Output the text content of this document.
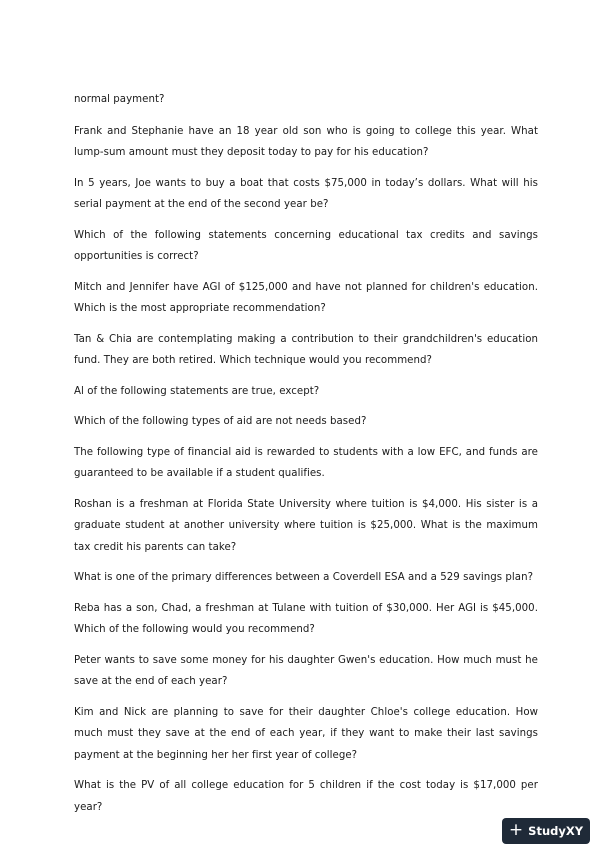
normal payment?

Frank and Stephanie have an 18 year old son who is going to college this year. What lump-sum amount must they deposit today to pay for his education?

In 5 years, Joe wants to buy a boat that costs $75,000 in today’s dollars. What will his serial payment at the end of the second year be?

Which of the following statements concerning educational tax credits and savings opportunities is correct?

Mitch and Jennifer have AGI of $125,000 and have not planned for children's education. Which is the most appropriate recommendation?

Tan & Chia are contemplating making a contribution to their grandchildren's education fund. They are both retired. Which technique would you recommend?

Al of the following statements are true, except?

Which of the following types of aid are not needs based?

The following type of financial aid is rewarded to students with a low EFC, and funds are guaranteed to be available if a student qualifies.

Roshan is a freshman at Florida State University where tuition is $4,000. His sister is a graduate student at another university where tuition is $25,000. What is the maximum tax credit his parents can take?

What is one of the primary differences between a Coverdell ESA and a 529 savings plan?

Reba has a son, Chad, a freshman at Tulane with tuition of $30,000. Her AGI is $45,000. Which of the following would you recommend?

Peter wants to save some money for his daughter Gwen's education. How much must he save at the end of each year?

Kim and Nick are planning to save for their daughter Chloe's college education. How much must they save at the end of each year, if they want to make their last savings payment at the beginning her her first year of college?

What is the PV of all college education for 5 children if the cost today is $17,000 per year?

+ StudyXY
